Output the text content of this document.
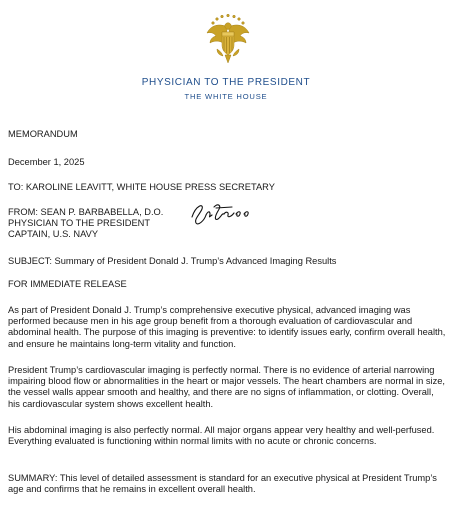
PHYSICIAN TO THE PRESIDENT
THE WHITE HOUSE
MEMORANDUM
December 1, 2025
TO: KAROLINE LEAVITT, WHITE HOUSE PRESS SECRETARY
FROM: SEAN P. BARBABELLA, D.O.
PHYSICIAN TO THE PRESIDENT
CAPTAIN, U.S. NAVY
SUBJECT: Summary of President Donald J. Trump’s Advanced Imaging Results
FOR IMMEDIATE RELEASE
As part of President Donald J. Trump’s comprehensive executive physical, advanced imaging was performed because men in his age group benefit from a thorough evaluation of cardiovascular and abdominal health. The purpose of this imaging is preventive: to identify issues early, confirm overall health, and ensure he maintains long-term vitality and function.
President Trump’s cardiovascular imaging is perfectly normal. There is no evidence of arterial narrowing impairing blood flow or abnormalities in the heart or major vessels. The heart chambers are normal in size, the vessel walls appear smooth and healthy, and there are no signs of inflammation, or clotting. Overall, his cardiovascular system shows excellent health.
His abdominal imaging is also perfectly normal. All major organs appear very healthy and well-perfused. Everything evaluated is functioning within normal limits with no acute or chronic concerns.
SUMMARY: This level of detailed assessment is standard for an executive physical at President Trump’s age and confirms that he remains in excellent overall health.
